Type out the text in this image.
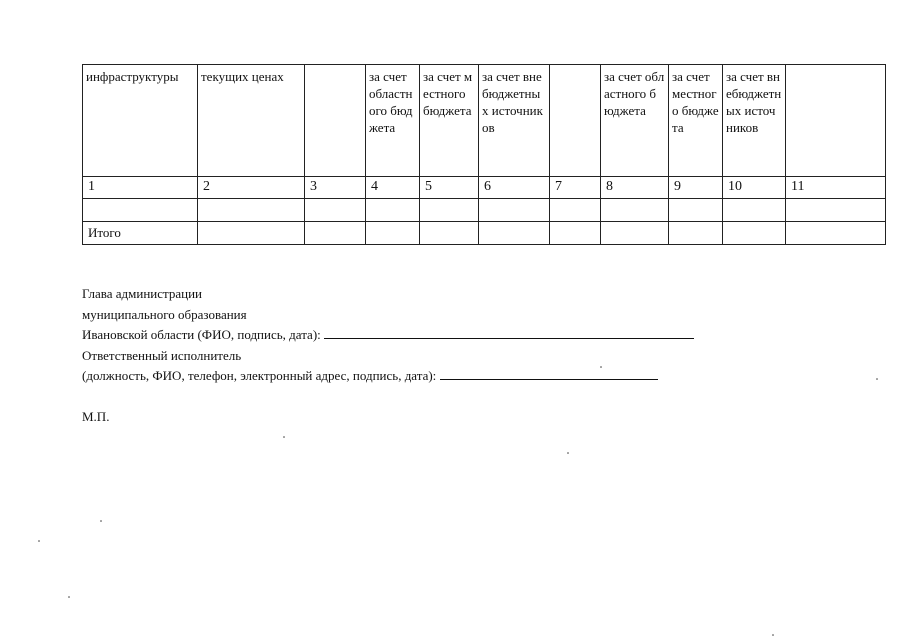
инфраструктуры	текущих ценах		за счет областного бюджета	за счет местного бюджета	за счет внебюджетных источников		за счет областного бюджета	за счет местного бюджета	за счет внебюджетных источников	

1	2	3	4	5	6	7	8	9	10	11

Итого										
Глава администрации
муниципального образования
Ивановской области (ФИО, подпись, дата):
Ответственный исполнитель
(должность, ФИО, телефон, электронный адрес, подпись, дата):
М.П.
